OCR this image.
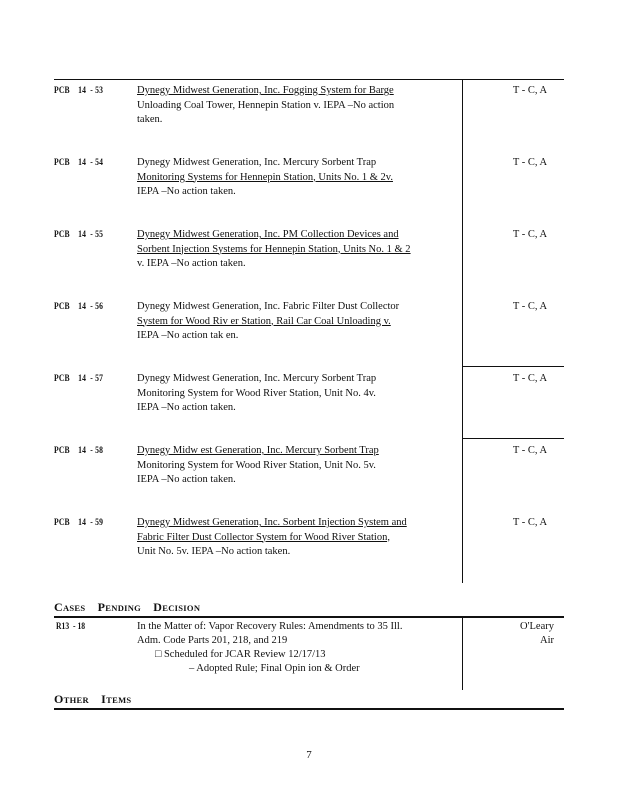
PCB    14  - 53	Dynegy Midwest Generation, Inc. Fogging System for Barge
Unloading Coal Tower, Hennepin Station v. IEPA –No action
taken.
T - C, A
PCB    14  - 54	Dynegy Midwest Generation, Inc. Mercury Sorbent Trap
Monitoring Systems for Hennepin Station, Units No. 1 & 2v.
IEPA –No action taken.
T - C, A
PCB    14  - 55	Dynegy Midwest Generation, Inc. PM Collection Devices and
Sorbent Injection Systems for Hennepin Station, Units No. 1 & 2
v. IEPA –No action taken.
T - C, A
PCB    14  - 56	Dynegy Midwest Generation, Inc. Fabric Filter Dust Collector
System for Wood Riv er Station, Rail Car Coal Unloading v.
IEPA –No action tak en.
T - C, A
PCB    14  - 57	Dynegy Midwest Generation, Inc. Mercury Sorbent Trap
Monitoring System for Wood River Station, Unit No. 4v.
IEPA –No action taken.
T - C, A
PCB    14  - 58	Dynegy Midw est Generation, Inc. Mercury Sorbent Trap
Monitoring System for Wood River Station, Unit No. 5v.
IEPA –No action taken.
T - C, A
PCB    14  - 59	Dynegy Midwest Generation, Inc. Sorbent Injection System and
Fabric Filter Dust Collector System for Wood River Station,
Unit No. 5v. IEPA –No action taken.
T - C, A
CASES PENDING DECISION
R13  - 18	In the Matter of: Vapor Recovery Rules: Amendments to 35 Ill.
Adm. Code Parts 201, 218, and 219
□ Scheduled for JCAR Review 12/17/13
– Adopted Rule; Final Opin ion & Order
O'Leary
Air
OTHER ITEMS
7
